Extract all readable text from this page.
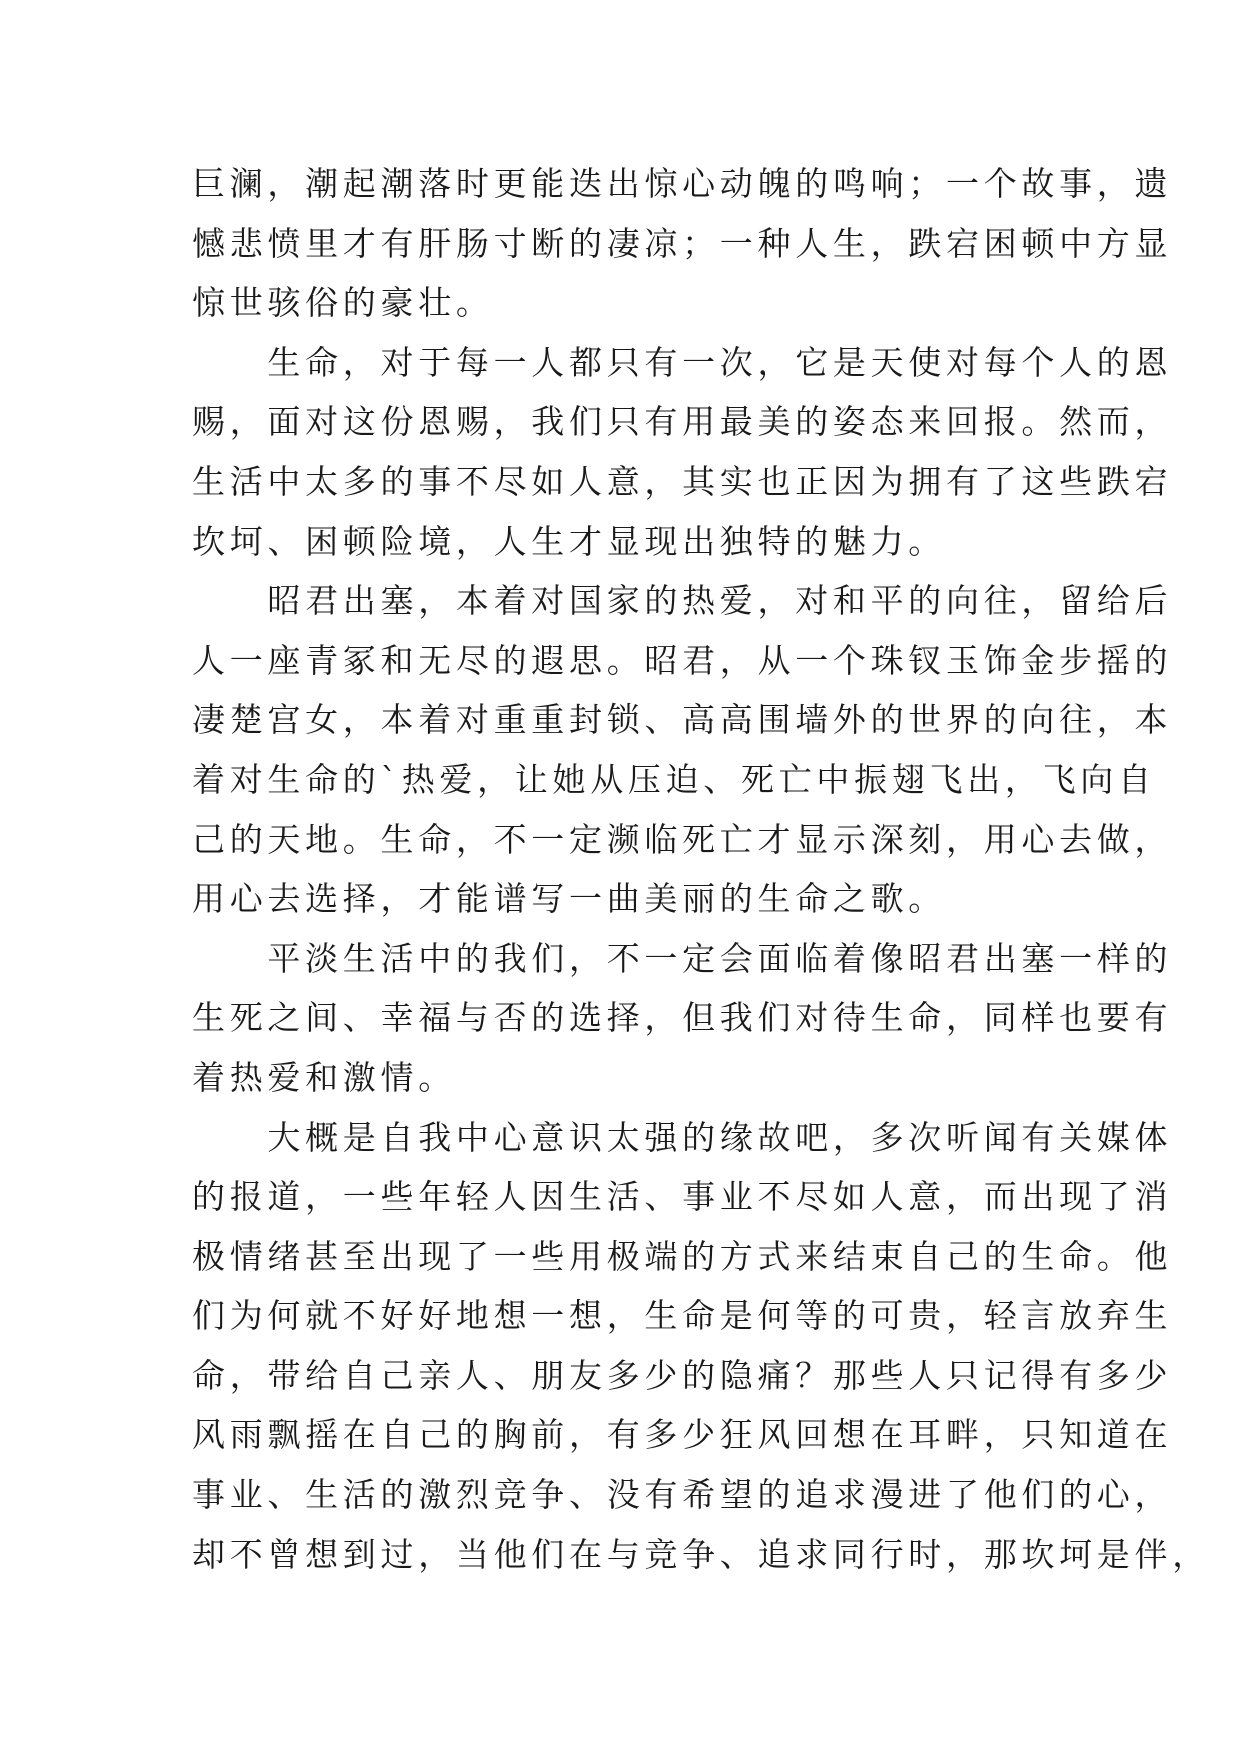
巨澜，潮起潮落时更能迭出惊心动魄的鸣响；一个故事，遗
憾悲愤里才有肝肠寸断的凄凉；一种人生，跌宕困顿中方显
惊世骇俗的豪壮。
　　生命，对于每一人都只有一次，它是天使对每个人的恩
赐，面对这份恩赐，我们只有用最美的姿态来回报。然而，
生活中太多的事不尽如人意，其实也正因为拥有了这些跌宕
坎坷、困顿险境，人生才显现出独特的魅力。
　　昭君出塞，本着对国家的热爱，对和平的向往，留给后
人一座青冢和无尽的遐思。昭君，从一个珠钗玉饰金步摇的
凄楚宫女，本着对重重封锁、高高围墙外的世界的向往，本
着对生命的`热爱，让她从压迫、死亡中振翅飞出，飞向自
己的天地。生命，不一定濒临死亡才显示深刻，用心去做，
用心去选择，才能谱写一曲美丽的生命之歌。
　　平淡生活中的我们，不一定会面临着像昭君出塞一样的
生死之间、幸福与否的选择，但我们对待生命，同样也要有
着热爱和激情。
　　大概是自我中心意识太强的缘故吧，多次听闻有关媒体
的报道，一些年轻人因生活、事业不尽如人意，而出现了消
极情绪甚至出现了一些用极端的方式来结束自己的生命。他
们为何就不好好地想一想，生命是何等的可贵，轻言放弃生
命，带给自己亲人、朋友多少的隐痛？那些人只记得有多少
风雨飘摇在自己的胸前，有多少狂风回想在耳畔，只知道在
事业、生活的激烈竞争、没有希望的追求漫进了他们的心，
却不曾想到过，当他们在与竞争、追求同行时，那坎坷是伴，
